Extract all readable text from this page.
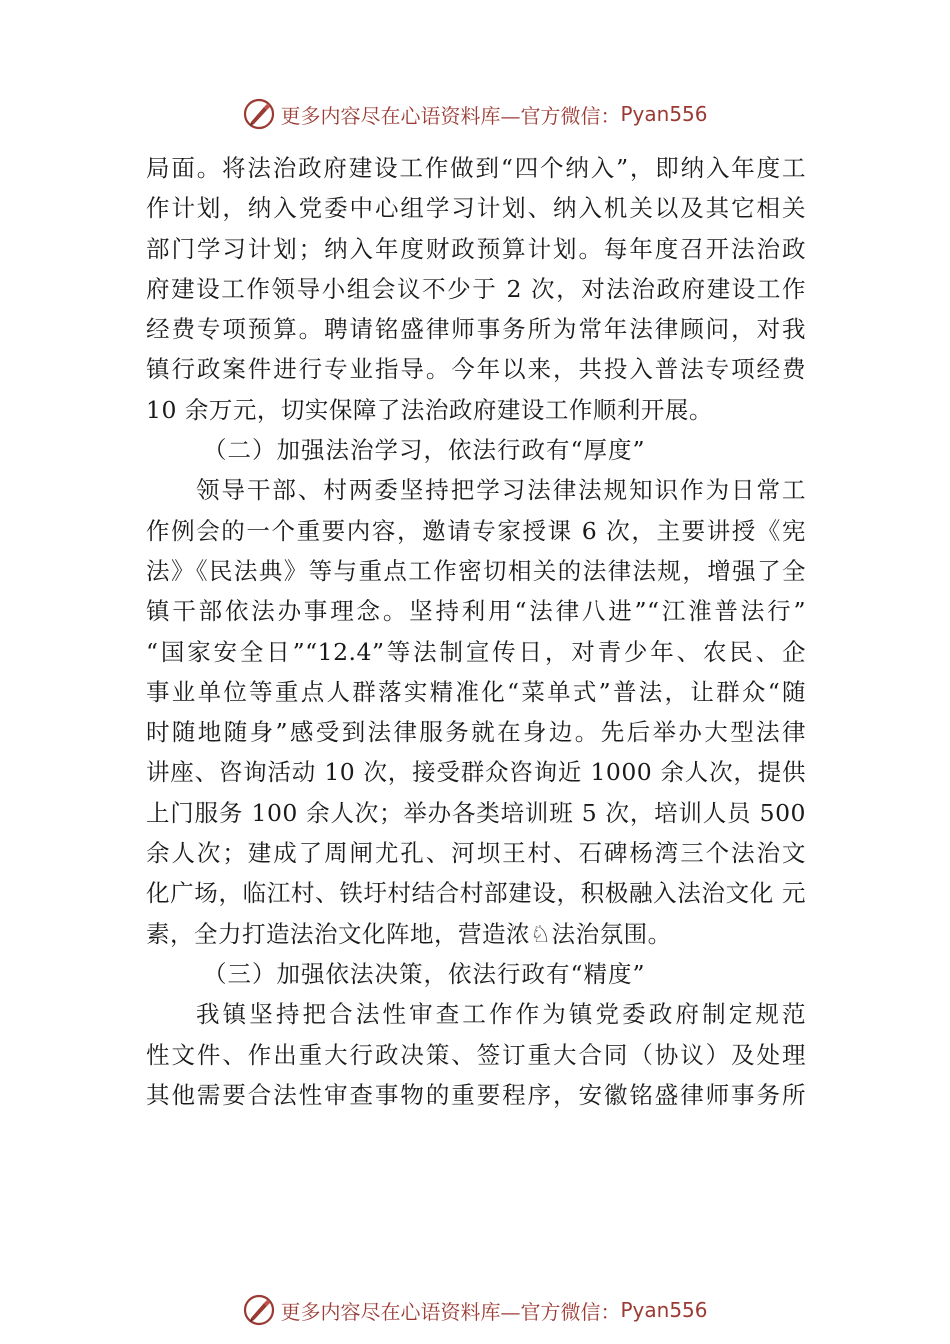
更多内容尽在心语资料库—官方微信： Pyan556
局面。将法治政府建设工作做到“四个纳入”，即纳入年度工
作计划，纳入党委中心组学习计划、纳入机关以及其它相关
部门学习计划；纳入年度财政预算计划。每年度召开法治政
府建设工作领导小组会议不少于 2 次，对法治政府建设工作
经费专项预算。聘请铭盛律师事务所为常年法律顾问，对我
镇行政案件进行专业指导。今年以来，共投入普法专项经费
10 余万元，切实保障了法治政府建设工作顺利开展。
（二）加强法治学习，依法行政有“厚度”
领导干部、村两委坚持把学习法律法规知识作为日常工
作例会的一个重要内容，邀请专家授课 6 次，主要讲授《宪
法》《民法典》等与重点工作密切相关的法律法规，增强了全
镇干部依法办事理念。坚持利用“法律八进”“江淮普法行”
“国家安全日”“12.4”等法制宣传日，对青少年、农民、企
事业单位等重点人群落实精准化“菜单式”普法，让群众“随
时随地随身”感受到法律服务就在身边。先后举办大型法律
讲座、咨询活动 10 次，接受群众咨询近 1000 余人次，提供
上门服务 100 余人次；举办各类培训班 5 次，培训人员 500
余人次；建成了周闸尤孔、河坝王村、石碑杨湾三个法治文
化广场，临江村、铁圩村结合村部建设，积极融入法治文化 元
素，全力打造法治文化阵地，营造浓♘法治氛围。
（三）加强依法决策，依法行政有“精度”
我镇坚持把合法性审查工作作为镇党委政府制定规范
性文件、作出重大行政决策、签订重大合同（协议）及处理
其他需要合法性审查事物的重要程序，安徽铭盛律师事务所
更多内容尽在心语资料库—官方微信： Pyan556
